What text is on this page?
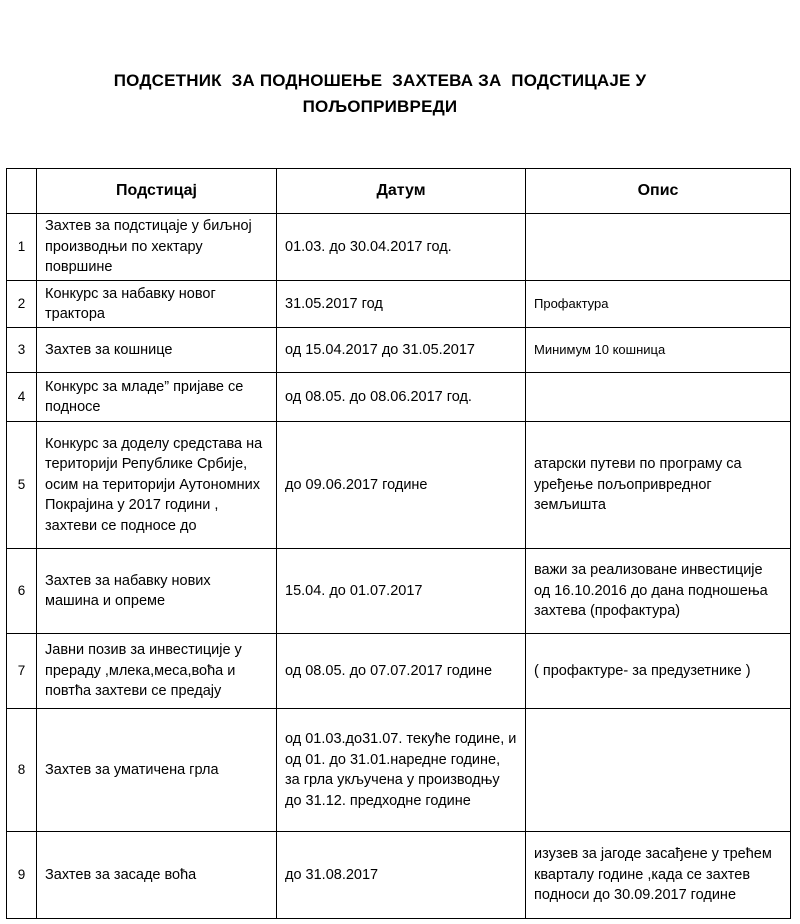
ПОДСЕТНИК  ЗА ПОДНОШЕЊЕ  ЗАХТЕВА ЗА  ПОДСТИЦАЈЕ У
ПОЉОПРИВРЕДИ
	Подстицај	Датум	Опис
1	Захтев за подстицаје у биљној производњи по хектару површине	01.03. до 30.04.2017 год.	
2	Конкурс за набавку новог трактора	31.05.2017 год	Профактура
3	Захтев за кошнице	од 15.04.2017 до 31.05.2017	Минимум 10 кошница
4	Конкурс за младе” пријаве се подносе	од 08.05. до 08.06.2017 год.	
5	Конкурс за доделу средстава на територији Републике Србије, осим на територији Аутономних Покрајина у 2017 години , захтеви се подносе до	до 09.06.2017 године	атарски путеви по програму са уређење пољопривредног земљишта
6	Захтев за набавку нових машина и опреме	15.04. до 01.07.2017	важи за реализоване инвестиције од 16.10.2016 до дана подношења захтева (профактура)
7	Јавни позив за инвестиције у прераду ,млека,меса,воћа и повтћа захтеви се предају	од 08.05. до 07.07.2017 године	( профактуре- за предузетнике )
8	Захтев за уматичена грла	од 01.03.до31.07. текуће године, и од 01. до 31.01.наредне године, за грла укључена у производњу до 31.12. предходне године	
9	Захтев за засаде воћа	до 31.08.2017	изузев за јагоде засађене у трећем кварталу године ,када се захтев подноси до 30.09.2017 године
